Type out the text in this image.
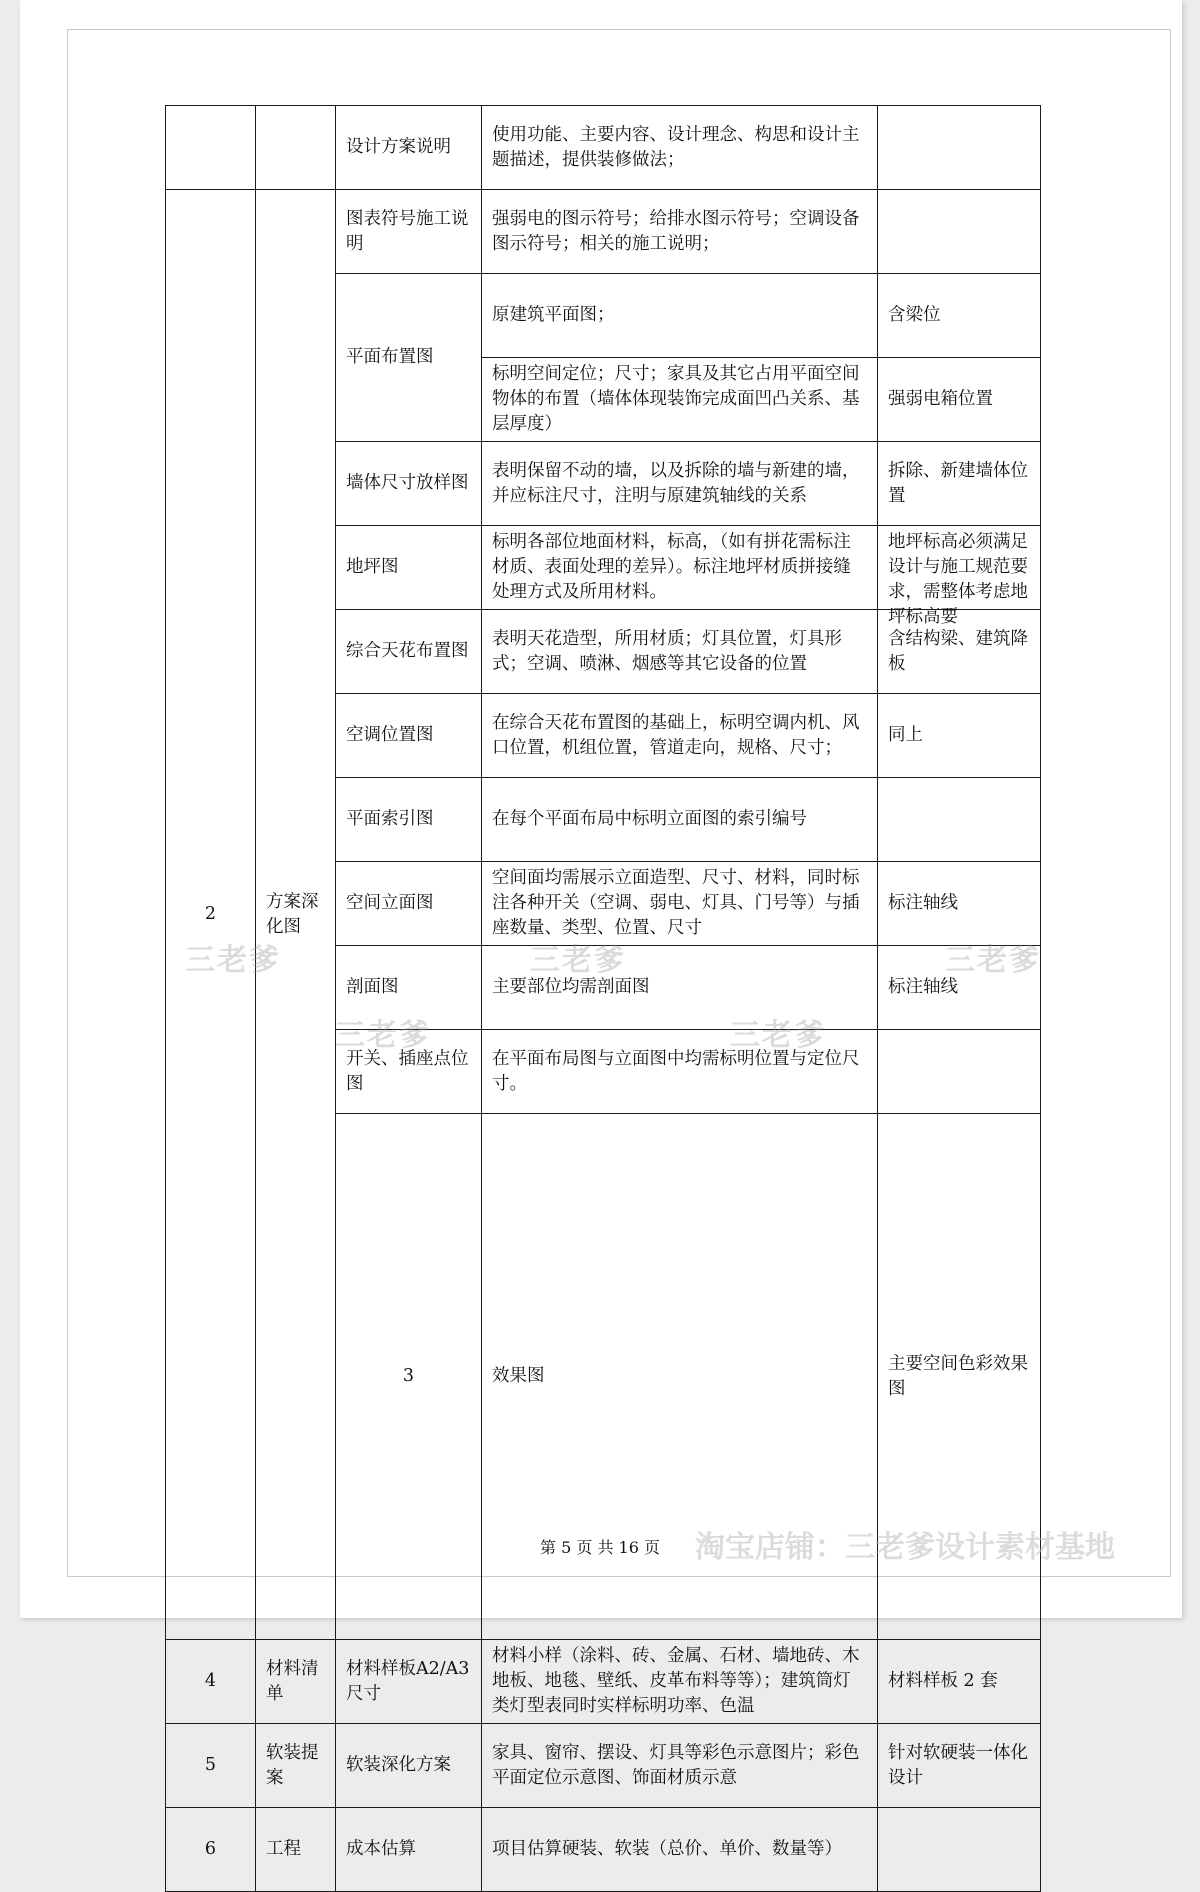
		设计方案说明	使用功能、主要内容、设计理念、构思和设计主题描述，提供装修做法；		
2	方案深化图	图表符号施工说明	强弱电的图示符号；给排水图示符号；空调设备图示符号；相关的施工说明；		
		平面布置图	原建筑平面图；	含梁位	
			标明空间定位；尺寸；家具及其它占用平面空间物体的布置（墙体体现装饰完成面凹凸关系、基层厚度）	强弱电箱位置	
		墙体尺寸放样图	表明保留不动的墙，以及拆除的墙与新建的墙，并应标注尺寸，注明与原建筑轴线的关系	拆除、新建墙体位置	
		地坪图	标明各部位地面材料，标高，（如有拼花需标注材质、表面处理的差异）。标注地坪材质拼接缝处理方式及所用材料。	地坪标高必须满足设计与施工规范要求，需整体考虑地坪标高要	

		综合天花布置图	表明天花造型，所用材质；灯具位置，灯具形式；空调、喷淋、烟感等其它设备的位置	含结构梁、建筑降板	
		空调位置图	在综合天花布置图的基础上，标明空调内机、风口位置，机组位置，管道走向，规格、尺寸；	同上	
		平面索引图	在每个平面布局中标明立面图的索引编号		
		空间立面图	空间面均需展示立面造型、尺寸、材料，同时标注各种开关（空调、弱电、灯具、门号等）与插座数量、类型、位置、尺寸	标注轴线	
		剖面图	主要部位均需剖面图	标注轴线	
		开关、插座点位图	在平面布局图与立面图中均需标明位置与定位尺寸。		
		3	效果图	主要空间色彩效果图		
4	材料清单	材料样板A2/A3 尺寸	材料小样（涂料、砖、金属、石材、墙地砖、木地板、地毯、壁纸、皮革布料等等）；建筑筒灯类灯型表同时实样标明功率、色温	材料样板 2 套	
5	软装提案	软装深化方案	家具、窗帘、摆设、灯具等彩色示意图片；彩色平面定位示意图、饰面材质示意	针对软硬装一体化设计	
6	工程	成本估算	项目估算硬装、软装（总价、单价、数量等）		
三老爹	三老爹	三老爹
三老爹	三老爹
第 5 页 共 16 页	淘宝店铺：三老爹设计素材基地
